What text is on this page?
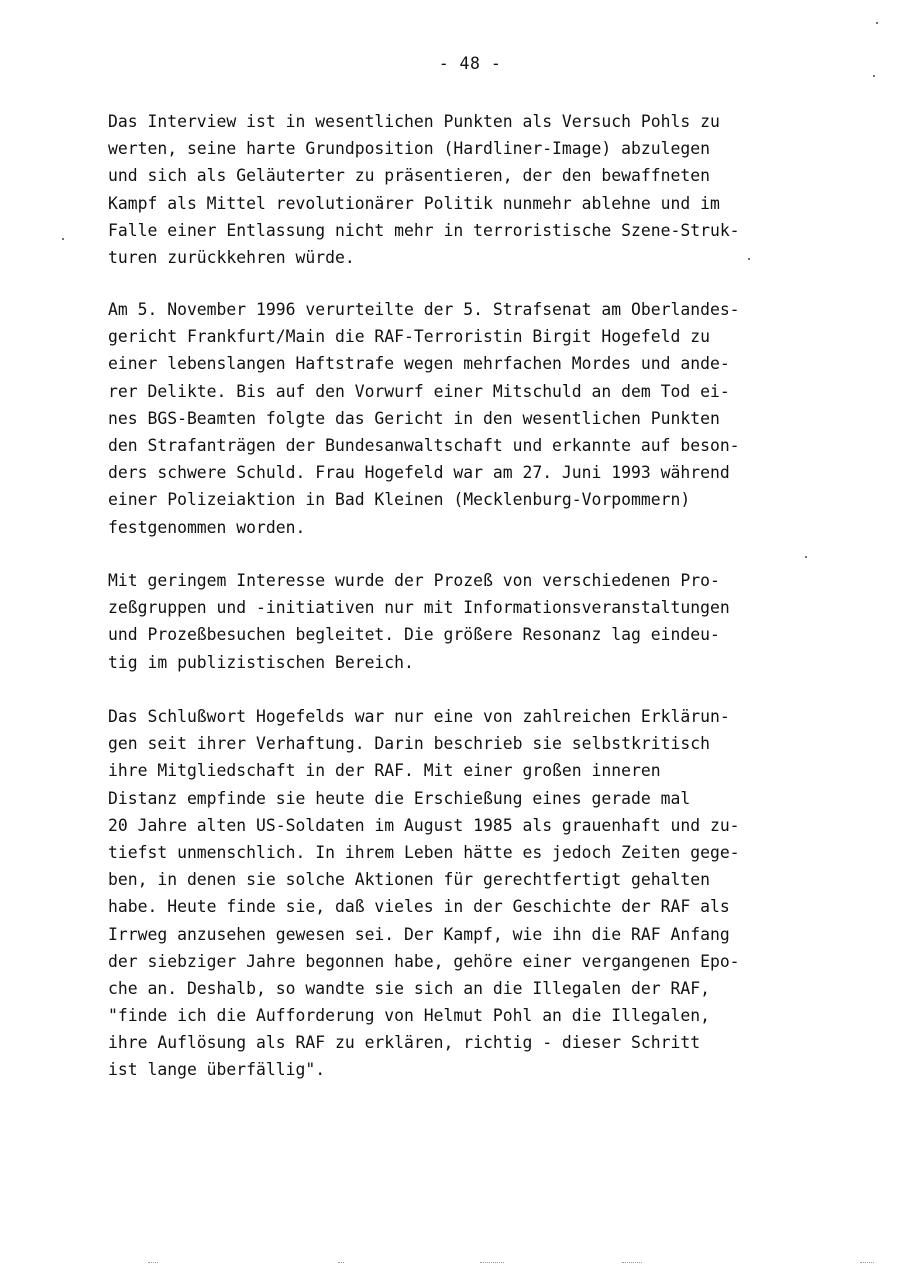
- 48 -

Das Interview ist in wesentlichen Punkten als Versuch Pohls zu
werten, seine harte Grundposition (Hardliner-Image) abzulegen
und sich als Geläuterter zu präsentieren, der den bewaffneten
Kampf als Mittel revolutionärer Politik nunmehr ablehne und im
Falle einer Entlassung nicht mehr in terroristische Szene-Struk-
turen zurückkehren würde.

Am 5. November 1996 verurteilte der 5. Strafsenat am Oberlandes-
gericht Frankfurt/Main die RAF-Terroristin Birgit Hogefeld zu
einer lebenslangen Haftstrafe wegen mehrfachen Mordes und ande-
rer Delikte. Bis auf den Vorwurf einer Mitschuld an dem Tod ei-
nes BGS-Beamten folgte das Gericht in den wesentlichen Punkten
den Strafanträgen der Bundesanwaltschaft und erkannte auf beson-
ders schwere Schuld. Frau Hogefeld war am 27. Juni 1993 während
einer Polizeiaktion in Bad Kleinen (Mecklenburg-Vorpommern)
festgenommen worden.

Mit geringem Interesse wurde der Prozeß von verschiedenen Pro-
zeßgruppen und -initiativen nur mit Informationsveranstaltungen
und Prozeßbesuchen begleitet. Die größere Resonanz lag eindeu-
tig im publizistischen Bereich.

Das Schlußwort Hogefelds war nur eine von zahlreichen Erklärun-
gen seit ihrer Verhaftung. Darin beschrieb sie selbstkritisch
ihre Mitgliedschaft in der RAF. Mit einer großen inneren
Distanz empfinde sie heute die Erschießung eines gerade mal
20 Jahre alten US-Soldaten im August 1985 als grauenhaft und zu-
tiefst unmenschlich. In ihrem Leben hätte es jedoch Zeiten gege-
ben, in denen sie solche Aktionen für gerechtfertigt gehalten
habe. Heute finde sie, daß vieles in der Geschichte der RAF als
Irrweg anzusehen gewesen sei. Der Kampf, wie ihn die RAF Anfang
der siebziger Jahre begonnen habe, gehöre einer vergangenen Epo-
che an. Deshalb, so wandte sie sich an die Illegalen der RAF,
"finde ich die Aufforderung von Helmut Pohl an die Illegalen,
ihre Auflösung als RAF zu erklären, richtig - dieser Schritt
ist lange überfällig".
